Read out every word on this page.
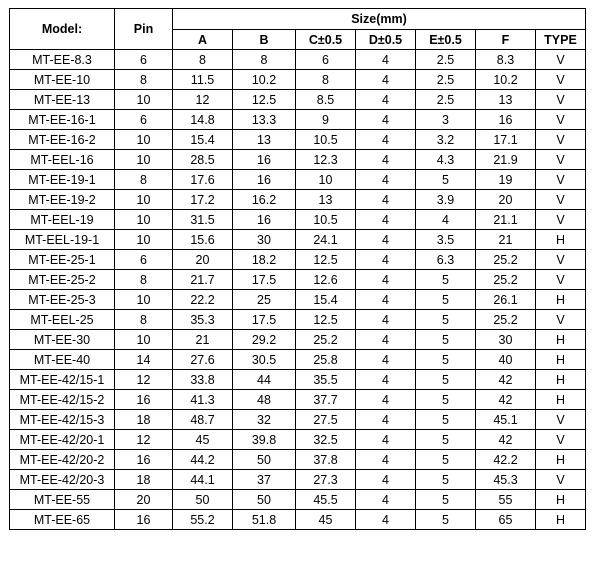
Model:	Pin	Size(mm)						
		A	B	C±0.5	D±0.5	E±0.5	F	TYPE
MT-EE-8.3	6	8	8	6	4	2.5	8.3	V
MT-EE-10	8	11.5	10.2	8	4	2.5	10.2	V
MT-EE-13	10	12	12.5	8.5	4	2.5	13	V
MT-EE-16-1	6	14.8	13.3	9	4	3	16	V
MT-EE-16-2	10	15.4	13	10.5	4	3.2	17.1	V
MT-EEL-16	10	28.5	16	12.3	4	4.3	21.9	V
MT-EE-19-1	8	17.6	16	10	4	5	19	V
MT-EE-19-2	10	17.2	16.2	13	4	3.9	20	V
MT-EEL-19	10	31.5	16	10.5	4	4	21.1	V
MT-EEL-19-1	10	15.6	30	24.1	4	3.5	21	H
MT-EE-25-1	6	20	18.2	12.5	4	6.3	25.2	V
MT-EE-25-2	8	21.7	17.5	12.6	4	5	25.2	V
MT-EE-25-3	10	22.2	25	15.4	4	5	26.1	H
MT-EEL-25	8	35.3	17.5	12.5	4	5	25.2	V
MT-EE-30	10	21	29.2	25.2	4	5	30	H
MT-EE-40	14	27.6	30.5	25.8	4	5	40	H
MT-EE-42/15-1	12	33.8	44	35.5	4	5	42	H
MT-EE-42/15-2	16	41.3	48	37.7	4	5	42	H
MT-EE-42/15-3	18	48.7	32	27.5	4	5	45.1	V
MT-EE-42/20-1	12	45	39.8	32.5	4	5	42	V
MT-EE-42/20-2	16	44.2	50	37.8	4	5	42.2	H
MT-EE-42/20-3	18	44.1	37	27.3	4	5	45.3	V
MT-EE-55	20	50	50	45.5	4	5	55	H
MT-EE-65	16	55.2	51.8	45	4	5	65	H
